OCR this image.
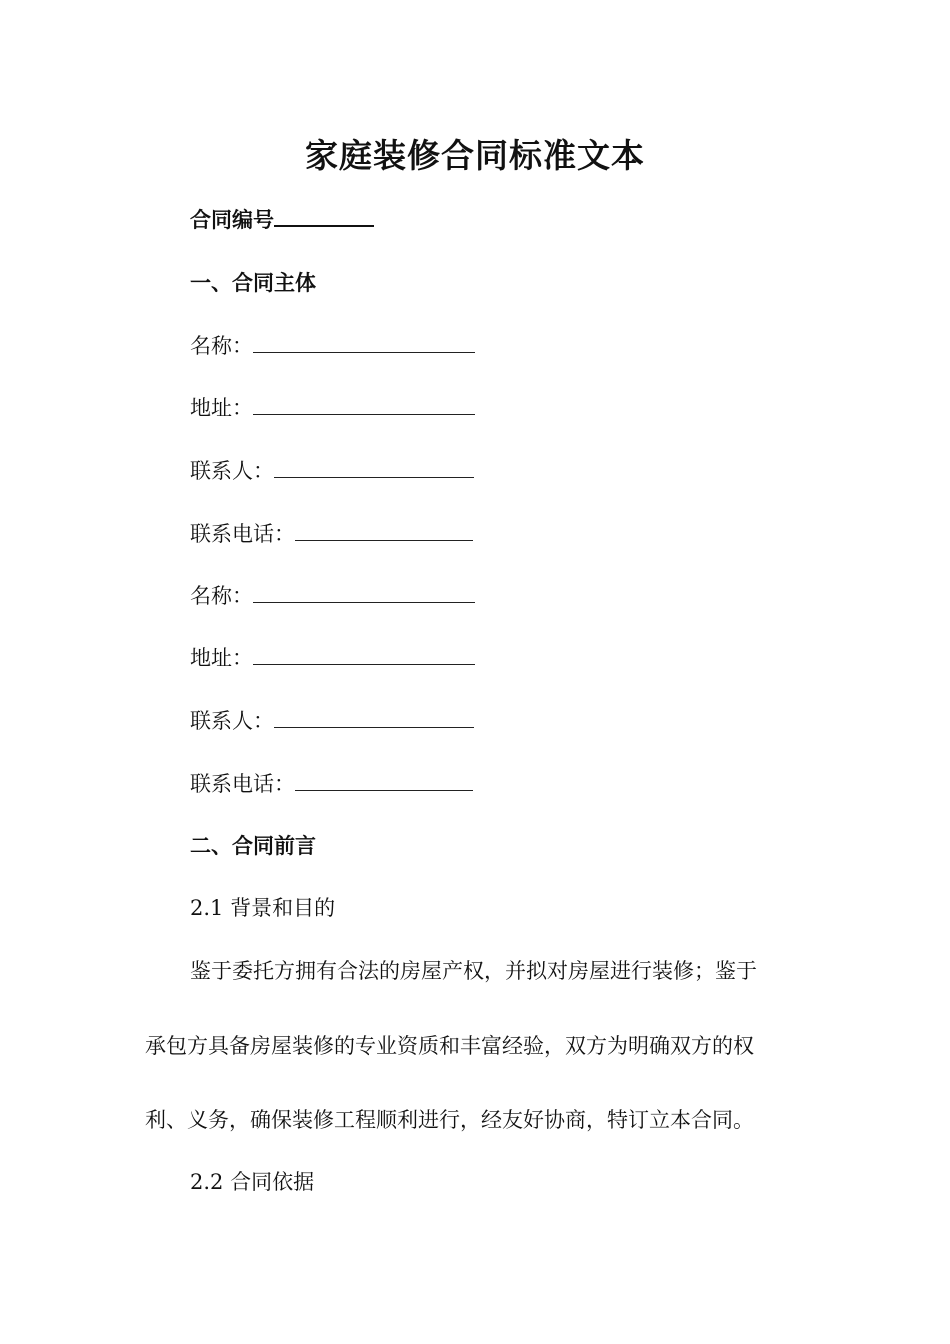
家庭装修合同标准文本
合同编号
一、合同主体
名称：
地址：
联系人：
联系电话：
名称：
地址：
联系人：
联系电话：
二、合同前言
2.1 背景和目的
鉴于委托方拥有合法的房屋产权，并拟对房屋进行装修；鉴于
承包方具备房屋装修的专业资质和丰富经验，双方为明确双方的权
利、义务，确保装修工程顺利进行，经友好协商，特订立本合同。
2.2 合同依据
